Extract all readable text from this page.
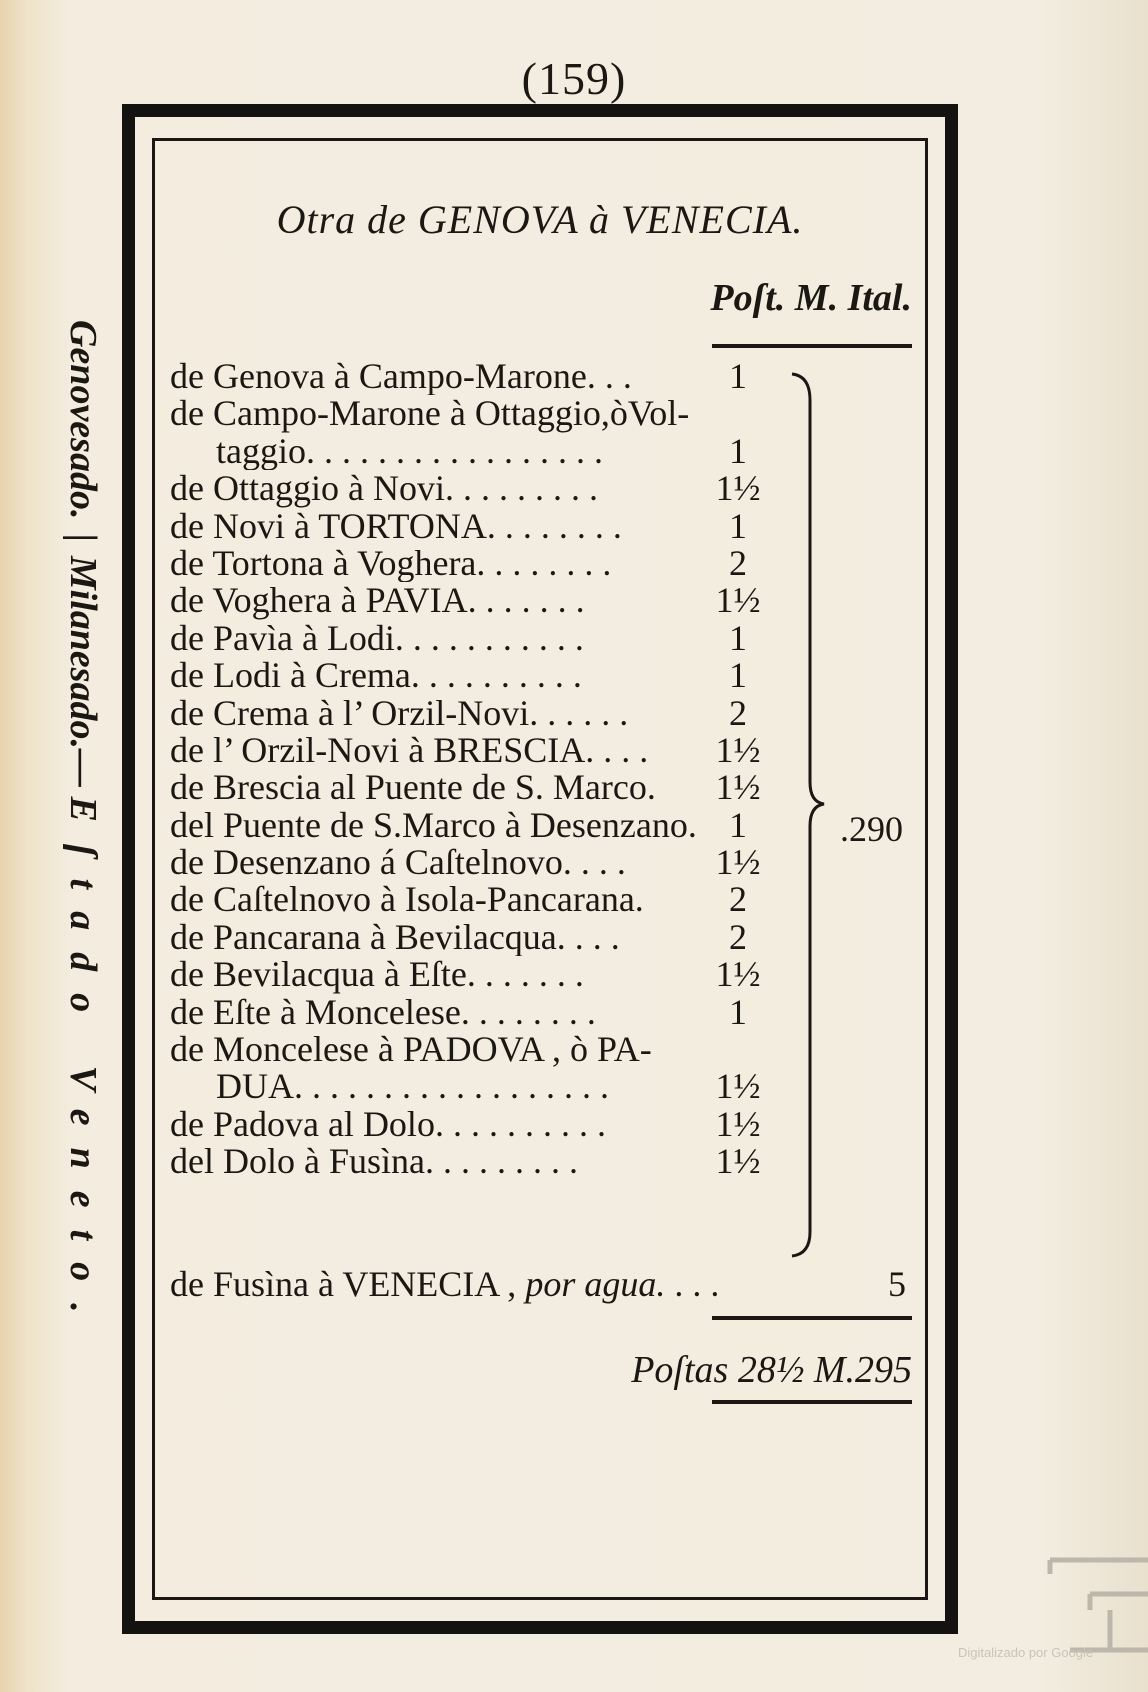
(159)
Genovesado.|Milanesado.— Eſtado Veneto.
Otra de GENOVA à VENECIA.
Poſt. M. Ital.
de Genova à Campo-Marone. . .	1
de Campo-Marone à Ottaggio,òVol-
taggio. . . . . . . . . . . . . . . . .	1
de Ottaggio à Novi. . . . . . . . .	1½
de Novi à TORTONA. . . . . . . .	1
de Tortona à Voghera. . . . . . . .	2
de Voghera à PAVIA. . . . . . .	1½
de Pavìa à Lodi. . . . . . . . . . .	1
de Lodi à Crema. . . . . . . . . .	1
de Crema à l’ Orzil-Novi. . . . . .	2
de l’ Orzil-Novi à BRESCIA. . . .	1½
de Brescia al Puente de S. Marco.	1½
del Puente de S.Marco à Desenzano. 1
de Desenzano á Caſtelnovo. . . .	1½
de Caſtelnovo à Isola-Pancarana.	2
de Pancarana à Bevilacqua. . . .	2
de Bevilacqua à Eſte. . . . . . .	1½
de Eſte à Moncelese. . . . . . . .	1
de Moncelese à PADOVA , ò PA-
DUA. . . . . . . . . . . . . . . . . .	1½
de Padova al Dolo. . . . . . . . . .	1½
del Dolo à Fusìna. . . . . . . . .	1½
.290
de Fusìna à VENECIA , por agua. . . .	5
Poſtas 28½ M.295
Digitalizado por Google
